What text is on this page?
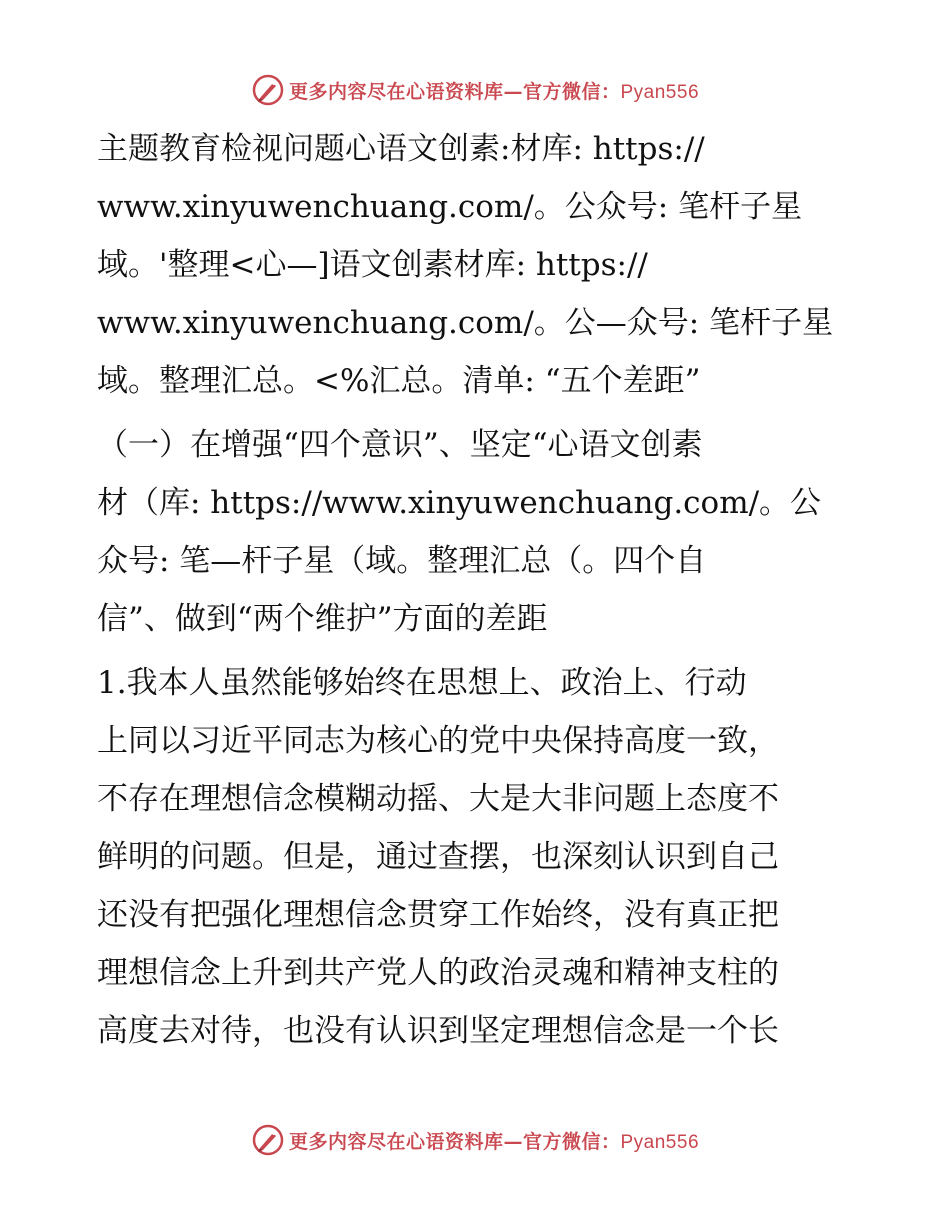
更多内容尽在心语资料库—官方微信：Pyan556
主题教育检视问题心语文创素:材库: https://
www.xinyuwenchuang.com/。公众号: 笔杆子星
域。'整理<心—]语文创素材库: https://
www.xinyuwenchuang.com/。公—众号: 笔杆子星
域。整理汇总。<%汇总。清单: “五个差距”
（一）在增强“四个意识”、坚定“心语文创素
材（库: https://www.xinyuwenchuang.com/。公
众号: 笔—杆子星（域。整理汇总（。四个自
信”、做到“两个维护”方面的差距
1.我本人虽然能够始终在思想上、政治上、行动
上同以习近平同志为核心的党中央保持高度一致，
不存在理想信念模糊动摇、大是大非问题上态度不
鲜明的问题。但是，通过查摆，也深刻认识到自己
还没有把强化理想信念贯穿工作始终，没有真正把
理想信念上升到共产党人的政治灵魂和精神支柱的
高度去对待，也没有认识到坚定理想信念是一个长
更多内容尽在心语资料库—官方微信：Pyan556
